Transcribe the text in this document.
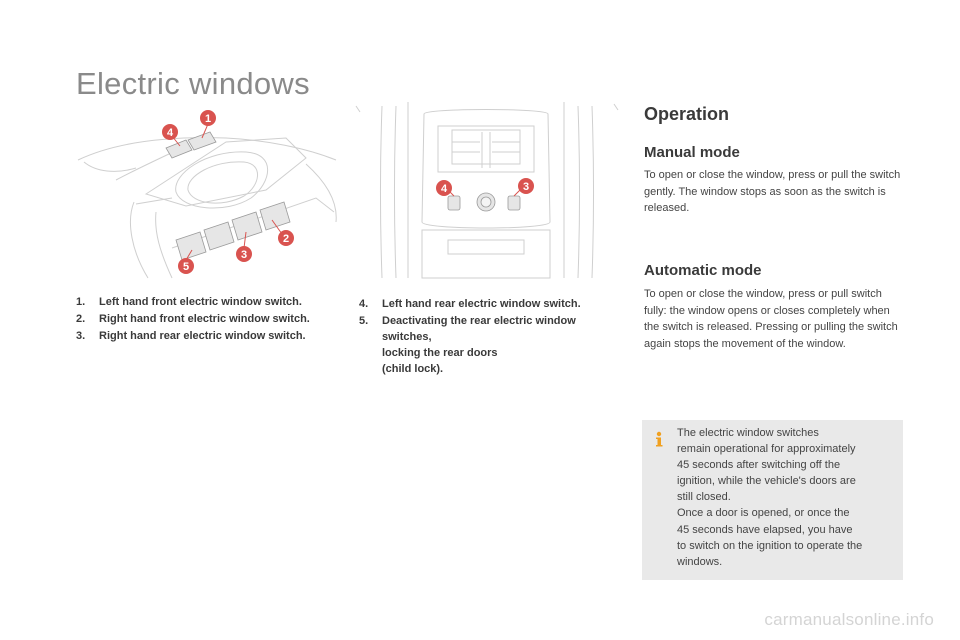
Electric windows
1
4
2
3
5
4	3
1.	Left hand front electric window switch.
2.	Right hand front electric window switch.
3.	Right hand rear electric window switch.
4.	Left hand rear electric window switch.
5.	Deactivating the rear electric window switches,
locking the rear doors
(child lock).
Operation
Manual mode

To open or close the window, press or pull the switch gently. The window stops as soon as the switch is released.

Automatic mode

To open or close the window, press or pull switch fully: the window opens or closes completely when the switch is released. Pressing or pulling the switch again stops the movement of the window.

The electric window switches
remain operational for approximately
45 seconds after switching off the
ignition, while the vehicle's doors are
still closed.
Once a door is opened, or once the
45 seconds have elapsed, you have
to switch on the ignition to operate the
windows.
carmanualsonline.info
